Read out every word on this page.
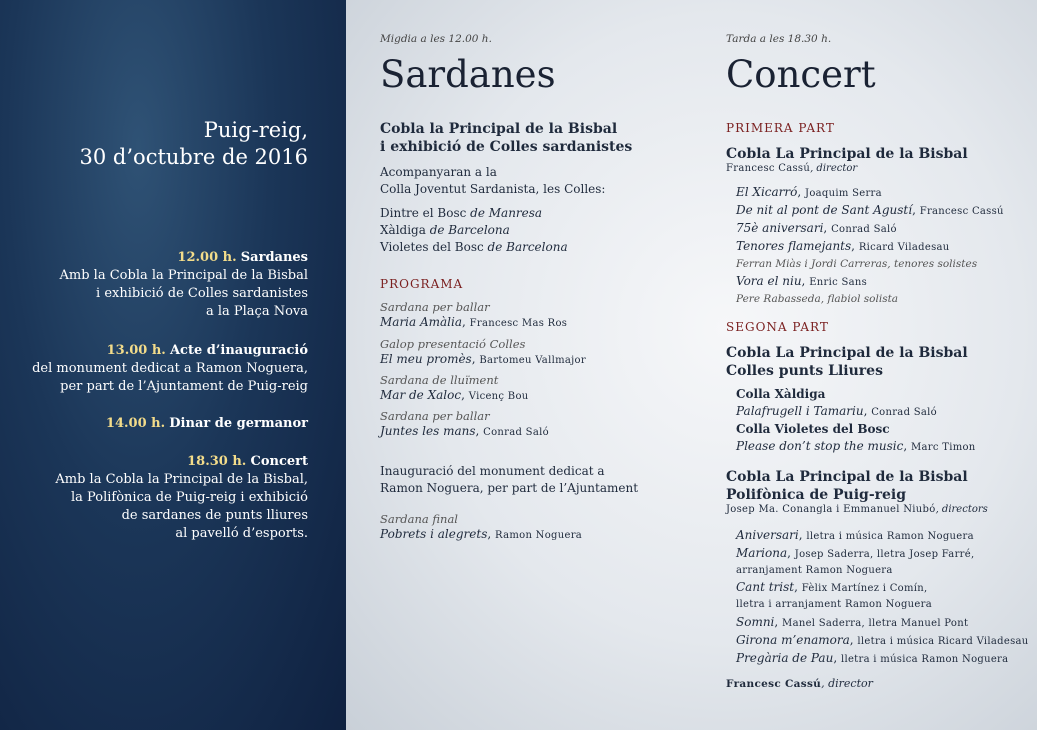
Puig-reig,
30 d’octubre de 2016
12.00 h. Sardanes
Amb la Cobla la Principal de la Bisbal
i exhibició de Colles sardanistes
a la Plaça Nova
13.00 h. Acte d’inauguració
del monument dedicat a Ramon Noguera,
per part de l’Ajuntament de Puig-reig
14.00 h. Dinar de germanor
18.30 h. Concert
Amb la Cobla la Principal de la Bisbal,
la Polifònica de Puig-reig i exhibició
de sardanes de punts lliures
al pavelló d’esports.
Migdia a les 12.00 h.
Sardanes
Cobla la Principal de la Bisbal
i exhibició de Colles sardanistes
Acompanyaran a la
Colla Joventut Sardanista, les Colles:
Dintre el Bosc de Manresa
Xàldiga de Barcelona
Violetes del Bosc de Barcelona
PROGRAMA
Sardana per ballar
Maria Amàlia, Francesc Mas Ros
Galop presentació Colles
El meu promès, Bartomeu Vallmajor
Sardana de lluïment
Mar de Xaloc, Vicenç Bou
Sardana per ballar
Juntes les mans, Conrad Saló
Inauguració del monument dedicat a
Ramon Noguera, per part de l’Ajuntament
Sardana final
Pobrets i alegrets, Ramon Noguera
Tarda a les 18.30 h.
Concert
PRIMERA PART
Cobla La Principal de la Bisbal
Francesc Cassú, director
El Xicarró, Joaquim Serra
De nit al pont de Sant Agustí, Francesc Cassú
75è aniversari, Conrad Saló
Tenores flamejants, Ricard Viladesau
Ferran Miàs i Jordi Carreras, tenores solistes
Vora el niu, Enric Sans
Pere Rabasseda, flabiol solista
SEGONA PART
Cobla La Principal de la Bisbal
Colles punts Lliures
Colla Xàldiga
Palafrugell i Tamariu, Conrad Saló
Colla Violetes del Bosc
Please don’t stop the music, Marc Timon
Cobla La Principal de la Bisbal
Polifònica de Puig-reig
Josep Ma. Conangla i Emmanuel Niubó, directors
Aniversari, lletra i música Ramon Noguera
Mariona, Josep Saderra, lletra Josep Farré,
arranjament Ramon Noguera
Cant trist, Fèlix Martínez i Comín,
lletra i arranjament Ramon Noguera
Somni, Manel Saderra, lletra Manuel Pont
Girona m’enamora, lletra i música Ricard Viladesau
Pregària de Pau, lletra i música Ramon Noguera
Francesc Cassú, director
